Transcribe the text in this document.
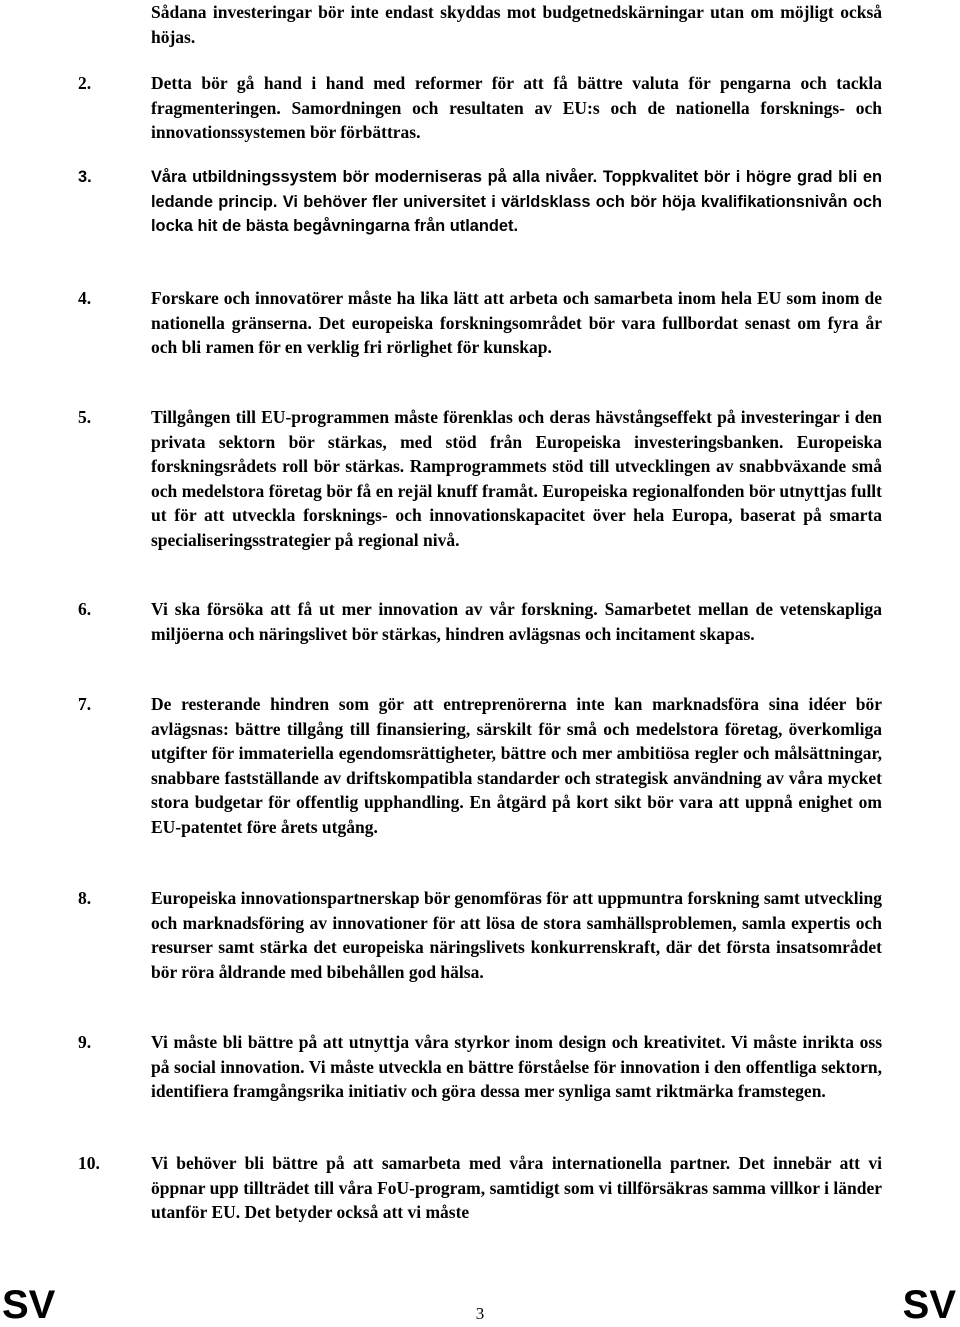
Sådana investeringar bör inte endast skyddas mot budgetnedskärningar utan om möjligt också höjas.

2.	Detta bör gå hand i hand med reformer för att få bättre valuta för pengarna och tackla fragmenteringen. Samordningen och resultaten av EU:s och de nationella forsknings- och innovationssystemen bör förbättras.

3.	Våra utbildningssystem bör moderniseras på alla nivåer. Toppkvalitet bör i högre grad bli en ledande princip. Vi behöver fler universitet i världsklass och bör höja kvalifikationsnivån och locka hit de bästa begåvningarna från utlandet.

4.	Forskare och innovatörer måste ha lika lätt att arbeta och samarbeta inom hela EU som inom de nationella gränserna. Det europeiska forskningsområdet bör vara fullbordat senast om fyra år och bli ramen för en verklig fri rörlighet för kunskap.

5.	Tillgången till EU-programmen måste förenklas och deras hävstångseffekt på investeringar i den privata sektorn bör stärkas, med stöd från Europeiska investeringsbanken. Europeiska forskningsrådets roll bör stärkas. Ramprogrammets stöd till utvecklingen av snabbväxande små och medelstora företag bör få en rejäl knuff framåt. Europeiska regionalfonden bör utnyttjas fullt ut för att utveckla forsknings- och innovationskapacitet över hela Europa, baserat på smarta specialiseringsstrategier på regional nivå.

6.	Vi ska försöka att få ut mer innovation av vår forskning. Samarbetet mellan de vetenskapliga miljöerna och näringslivet bör stärkas, hindren avlägsnas och incitament skapas.

7.	De resterande hindren som gör att entreprenörerna inte kan marknadsföra sina idéer bör avlägsnas: bättre tillgång till finansiering, särskilt för små och medelstora företag, överkomliga utgifter för immateriella egendomsrättigheter, bättre och mer ambitiösa regler och målsättningar, snabbare fastställande av driftskompatibla standarder och strategisk användning av våra mycket stora budgetar för offentlig upphandling. En åtgärd på kort sikt bör vara att uppnå enighet om EU-patentet före årets utgång.

8.	Europeiska innovationspartnerskap bör genomföras för att uppmuntra forskning samt utveckling och marknadsföring av innovationer för att lösa de stora samhällsproblemen, samla expertis och resurser samt stärka det europeiska näringslivets konkurrenskraft, där det första insatsområdet bör röra åldrande med bibehållen god hälsa.

9.	Vi måste bli bättre på att utnyttja våra styrkor inom design och kreativitet. Vi måste inrikta oss på social innovation. Vi måste utveckla en bättre förståelse för innovation i den offentliga sektorn, identifiera framgångsrika initiativ och göra dessa mer synliga samt riktmärka framstegen.

10.	Vi behöver bli bättre på att samarbeta med våra internationella partner. Det innebär att vi öppnar upp tillträdet till våra FoU-program, samtidigt som vi tillförsäkras samma villkor i länder utanför EU. Det betyder också att vi måste

SV	3	SV
